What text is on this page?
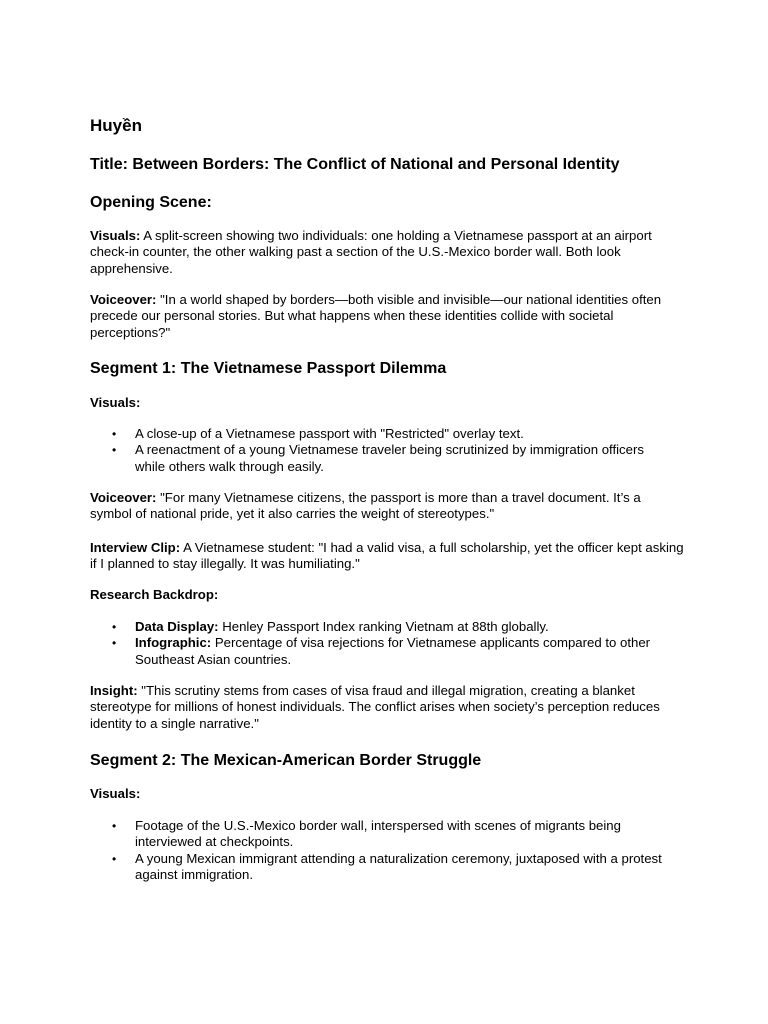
Huyền
Title: Between Borders: The Conflict of National and Personal Identity
Opening Scene:
Visuals: A split-screen showing two individuals: one holding a Vietnamese passport at an airport check-in counter, the other walking past a section of the U.S.-Mexico border wall. Both look apprehensive.
Voiceover: "In a world shaped by borders—both visible and invisible—our national identities often precede our personal stories. But what happens when these identities collide with societal perceptions?"
Segment 1: The Vietnamese Passport Dilemma
Visuals:
• A close-up of a Vietnamese passport with "Restricted" overlay text.
• A reenactment of a young Vietnamese traveler being scrutinized by immigration officers while others walk through easily.
Voiceover: "For many Vietnamese citizens, the passport is more than a travel document. It’s a symbol of national pride, yet it also carries the weight of stereotypes."
Interview Clip: A Vietnamese student: "I had a valid visa, a full scholarship, yet the officer kept asking if I planned to stay illegally. It was humiliating."
Research Backdrop:
• Data Display: Henley Passport Index ranking Vietnam at 88th globally.
• Infographic: Percentage of visa rejections for Vietnamese applicants compared to other Southeast Asian countries.
Insight: "This scrutiny stems from cases of visa fraud and illegal migration, creating a blanket stereotype for millions of honest individuals. The conflict arises when society’s perception reduces identity to a single narrative."
Segment 2: The Mexican-American Border Struggle
Visuals:
• Footage of the U.S.-Mexico border wall, interspersed with scenes of migrants being interviewed at checkpoints.
• A young Mexican immigrant attending a naturalization ceremony, juxtaposed with a protest against immigration.
